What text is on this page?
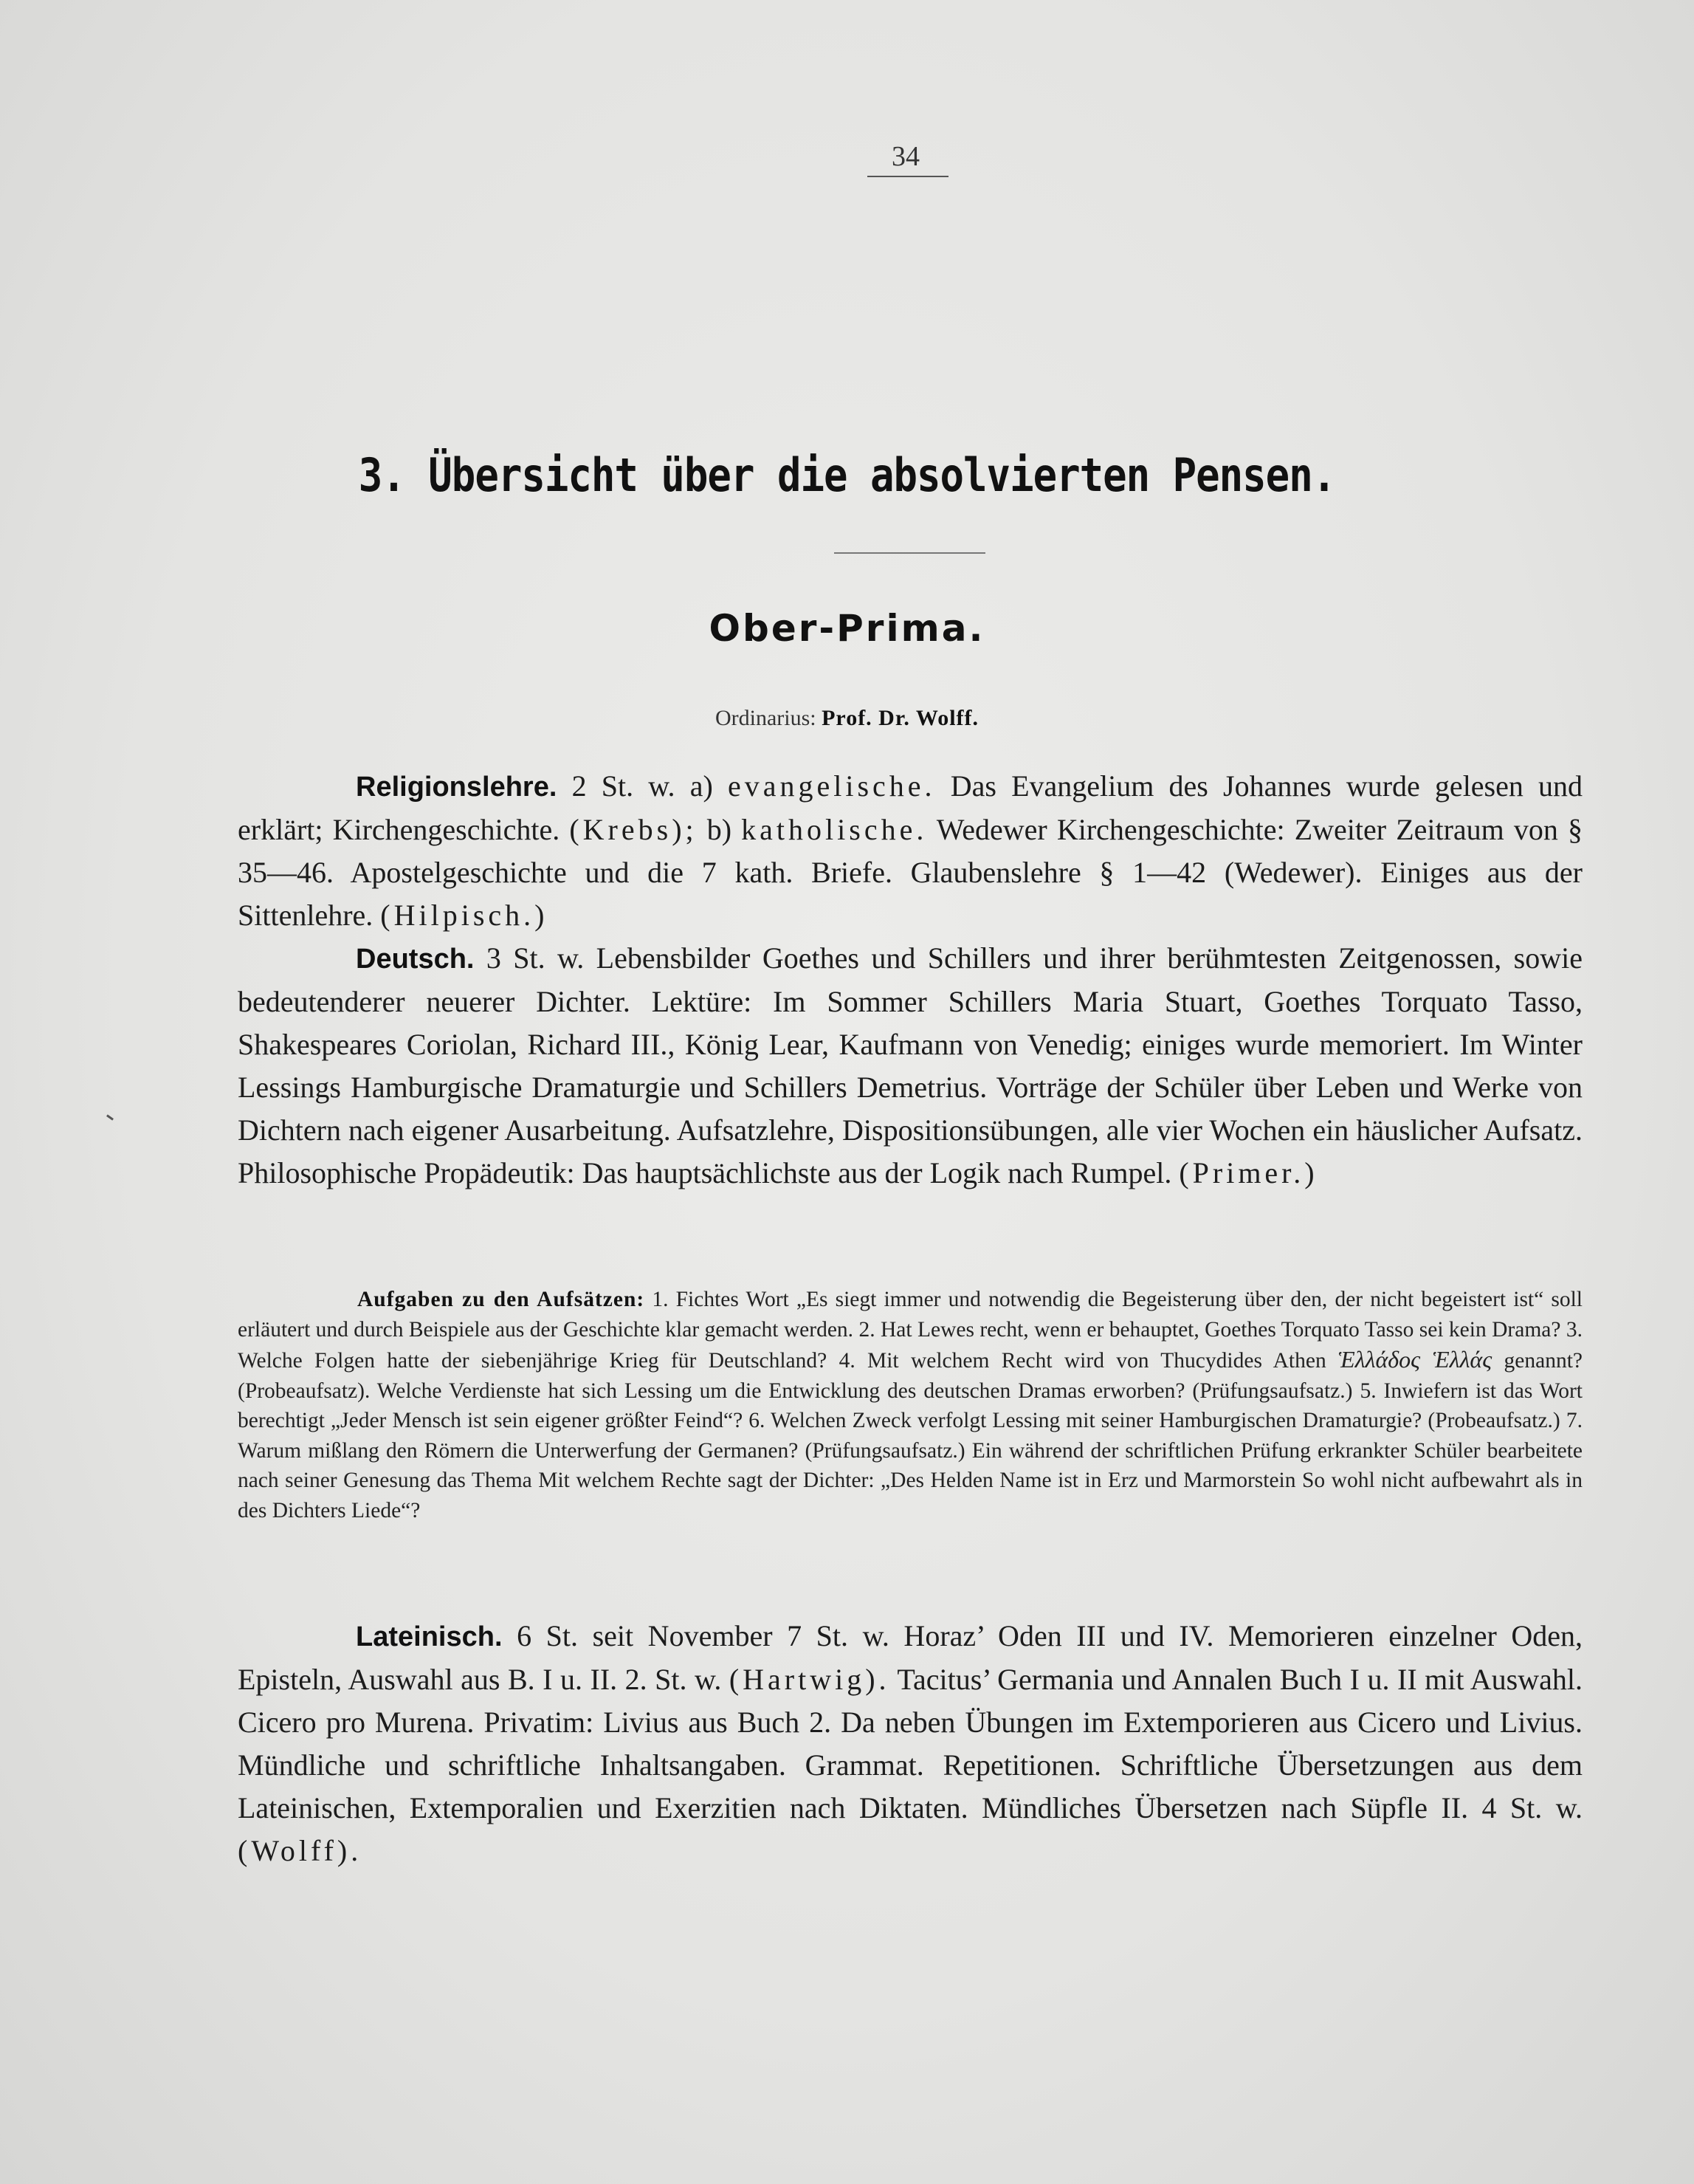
34
3. Übersicht über die absolvierten Pensen.
Ober-Prima.
Ordinarius: Prof. Dr. Wolff.

Religionslehre. 2 St. w. a) evangelische. Das Evangelium des Johannes wurde gelesen und erklärt; Kirchengeschichte. (Krebs); b) katholische. Wedewer Kirchengeschichte: Zweiter Zeitraum von § 35—46. Apostelgeschichte und die 7 kath. Briefe. Glaubenslehre § 1—42 (Wedewer). Einiges aus der Sittenlehre. (Hilpisch.)

Deutsch. 3 St. w. Lebensbilder Goethes und Schillers und ihrer berühmtesten Zeitgenossen, sowie bedeutenderer neuerer Dichter. Lektüre: Im Sommer Schillers Maria Stuart, Goethes Torquato Tasso, Shakespeares Coriolan, Richard III., König Lear, Kaufmann von Venedig; einiges wurde memoriert. Im Winter Lessings Hamburgische Dramaturgie und Schillers Demetrius. Vorträge der Schüler über Leben und Werke von Dichtern nach eigener Ausarbeitung. Aufsatzlehre, Dispositionsübungen, alle vier Wochen ein häuslicher Aufsatz. Philosophische Propädeutik: Das hauptsächlichste aus der Logik nach Rumpel. (Primer.)

Aufgaben zu den Aufsätzen: 1. Fichtes Wort „Es siegt immer und notwendig die Begeisterung über den, der nicht begeistert ist“ soll erläutert und durch Beispiele aus der Geschichte klar gemacht werden. 2. Hat Lewes recht, wenn er behauptet, Goethes Torquato Tasso sei kein Drama? 3. Welche Folgen hatte der siebenjährige Krieg für Deutschland? 4. Mit welchem Recht wird von Thucydides Athen Ἑλλάδος Ἑλλάς genannt? (Probeaufsatz). Welche Verdienste hat sich Lessing um die Entwicklung des deutschen Dramas erworben? (Prüfungsaufsatz.) 5. Inwiefern ist das Wort berechtigt „Jeder Mensch ist sein eigener größter Feind“? 6. Welchen Zweck verfolgt Lessing mit seiner Hamburgischen Dramaturgie? (Probeaufsatz.) 7. Warum mißlang den Römern die Unterwerfung der Germanen? (Prüfungsaufsatz.) Ein während der schriftlichen Prüfung erkrankter Schüler bearbeitete nach seiner Genesung das Thema Mit welchem Rechte sagt der Dichter: „Des Helden Name ist in Erz und Marmorstein So wohl nicht aufbewahrt als in des Dichters Liede“?

Lateinisch. 6 St. seit November 7 St. w. Horaz’ Oden III und IV. Memorieren einzelner Oden, Episteln, Auswahl aus B. I u. II. 2. St. w. (Hartwig). Tacitus’ Germania und Annalen Buch I u. II mit Auswahl. Cicero pro Murena. Privatim: Livius aus Buch 2. Da neben Übungen im Extemporieren aus Cicero und Livius. Mündliche und schriftliche Inhaltsangaben. Grammat. Repetitionen. Schriftliche Übersetzungen aus dem Lateinischen, Extemporalien und Exerzitien nach Diktaten. Mündliches Übersetzen nach Süpfle II. 4 St. w. (Wolff).
